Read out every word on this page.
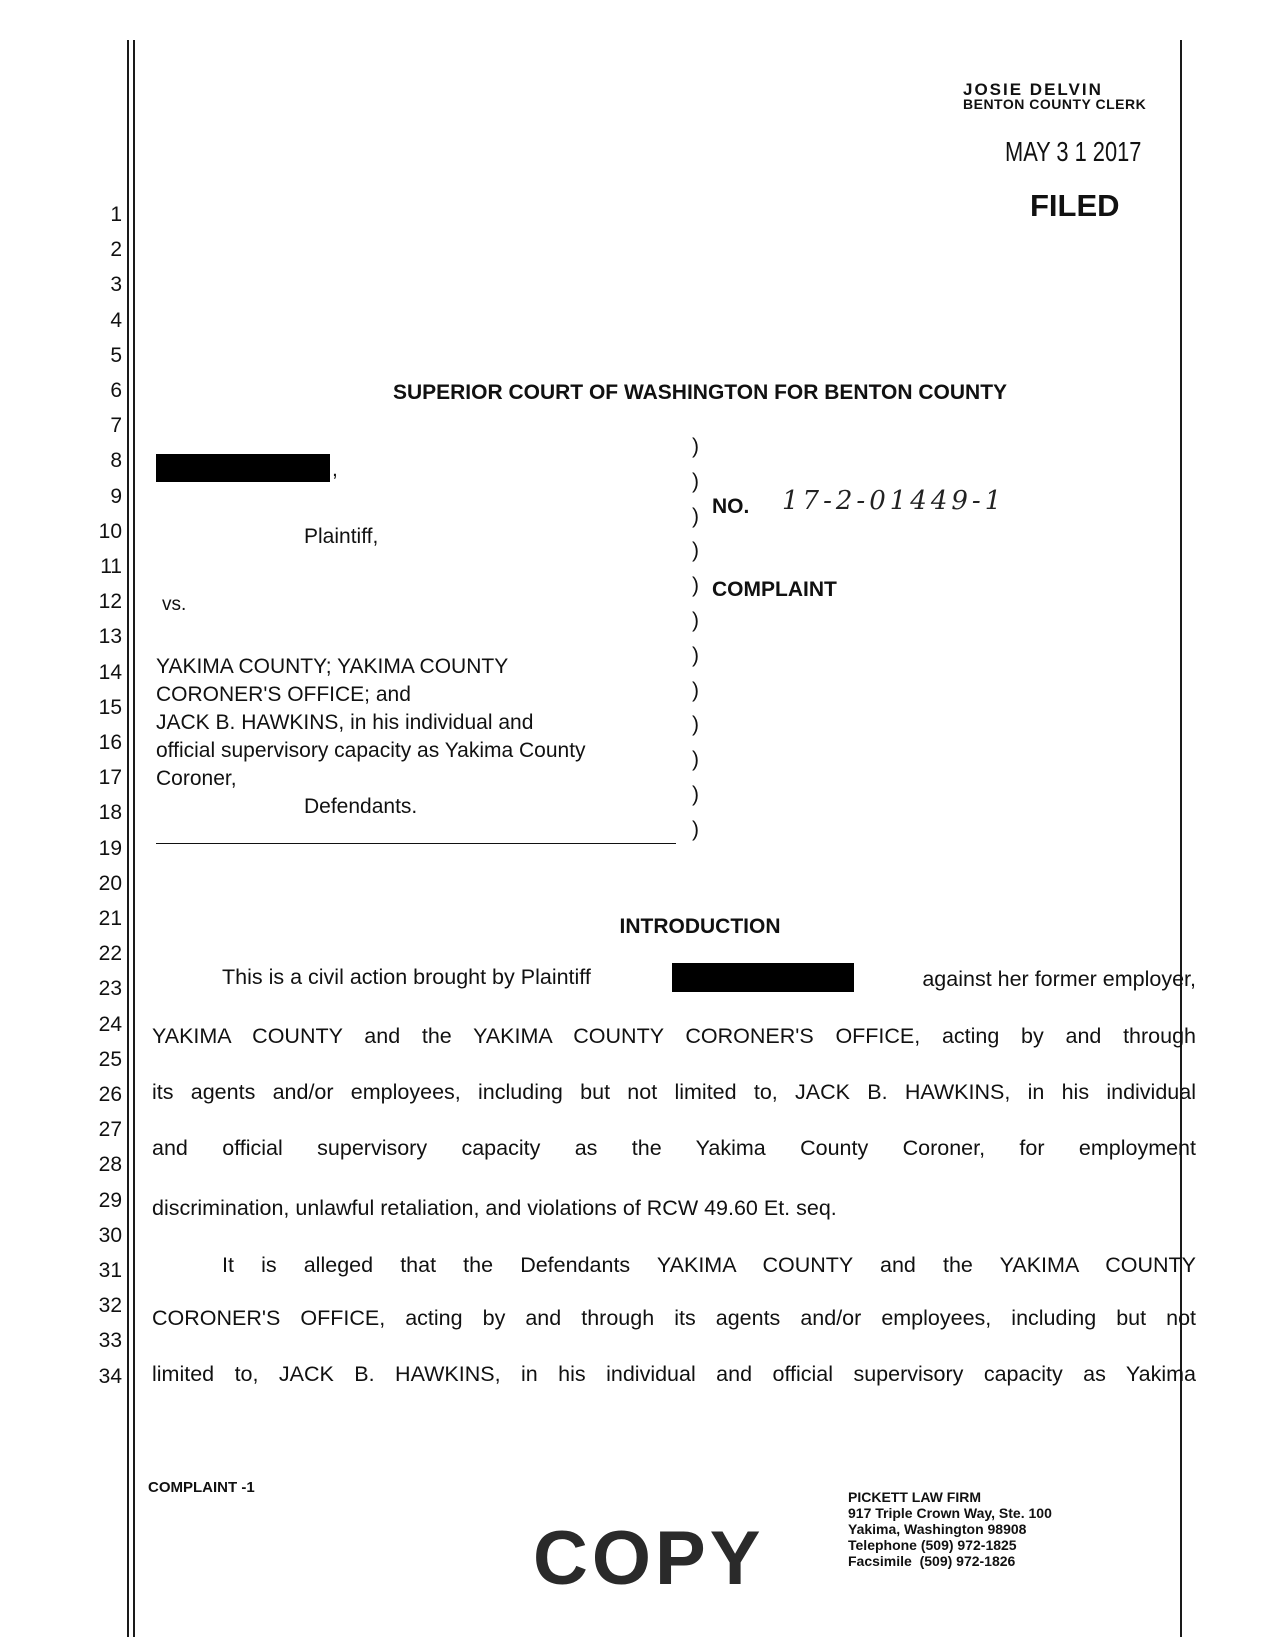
JOSIE DELVIN
BENTON COUNTY CLERK
MAY 3 1 2017
FILED
1
2
3
4
5
6
7
8
9
10
11
12
13
14
15
16
17
18
19
20
21
22
23
24
25
26
27
28
29
30
31
32
33
34
SUPERIOR COURT OF WASHINGTON FOR BENTON COUNTY
,
Plaintiff,
vs.
YAKIMA COUNTY; YAKIMA COUNTY
CORONER'S OFFICE; and
JACK B. HAWKINS, in his individual and
official supervisory capacity as Yakima County
Coroner,
Defendants.
)
)
)
)
)
)
)
)
)
)
)
)
NO. 17-2-01449-1
COMPLAINT
INTRODUCTION
This is a civil action brought by Plaintiff	against her former employer,
YAKIMA COUNTY and the YAKIMA COUNTY CORONER'S OFFICE, acting by and through
its agents and/or employees, including but not limited to, JACK B. HAWKINS, in his individual
and official supervisory capacity as the Yakima County Coroner, for employment
discrimination, unlawful retaliation, and violations of RCW 49.60 Et. seq.
It is alleged that the Defendants YAKIMA COUNTY and the YAKIMA COUNTY
CORONER'S OFFICE, acting by and through its agents and/or employees, including but not
limited to, JACK B. HAWKINS, in his individual and official supervisory capacity as Yakima
COMPLAINT -1
COPY
PICKETT LAW FIRM
917 Triple Crown Way, Ste. 100
Yakima, Washington 98908
Telephone (509) 972-1825
Facsimile  (509) 972-1826
